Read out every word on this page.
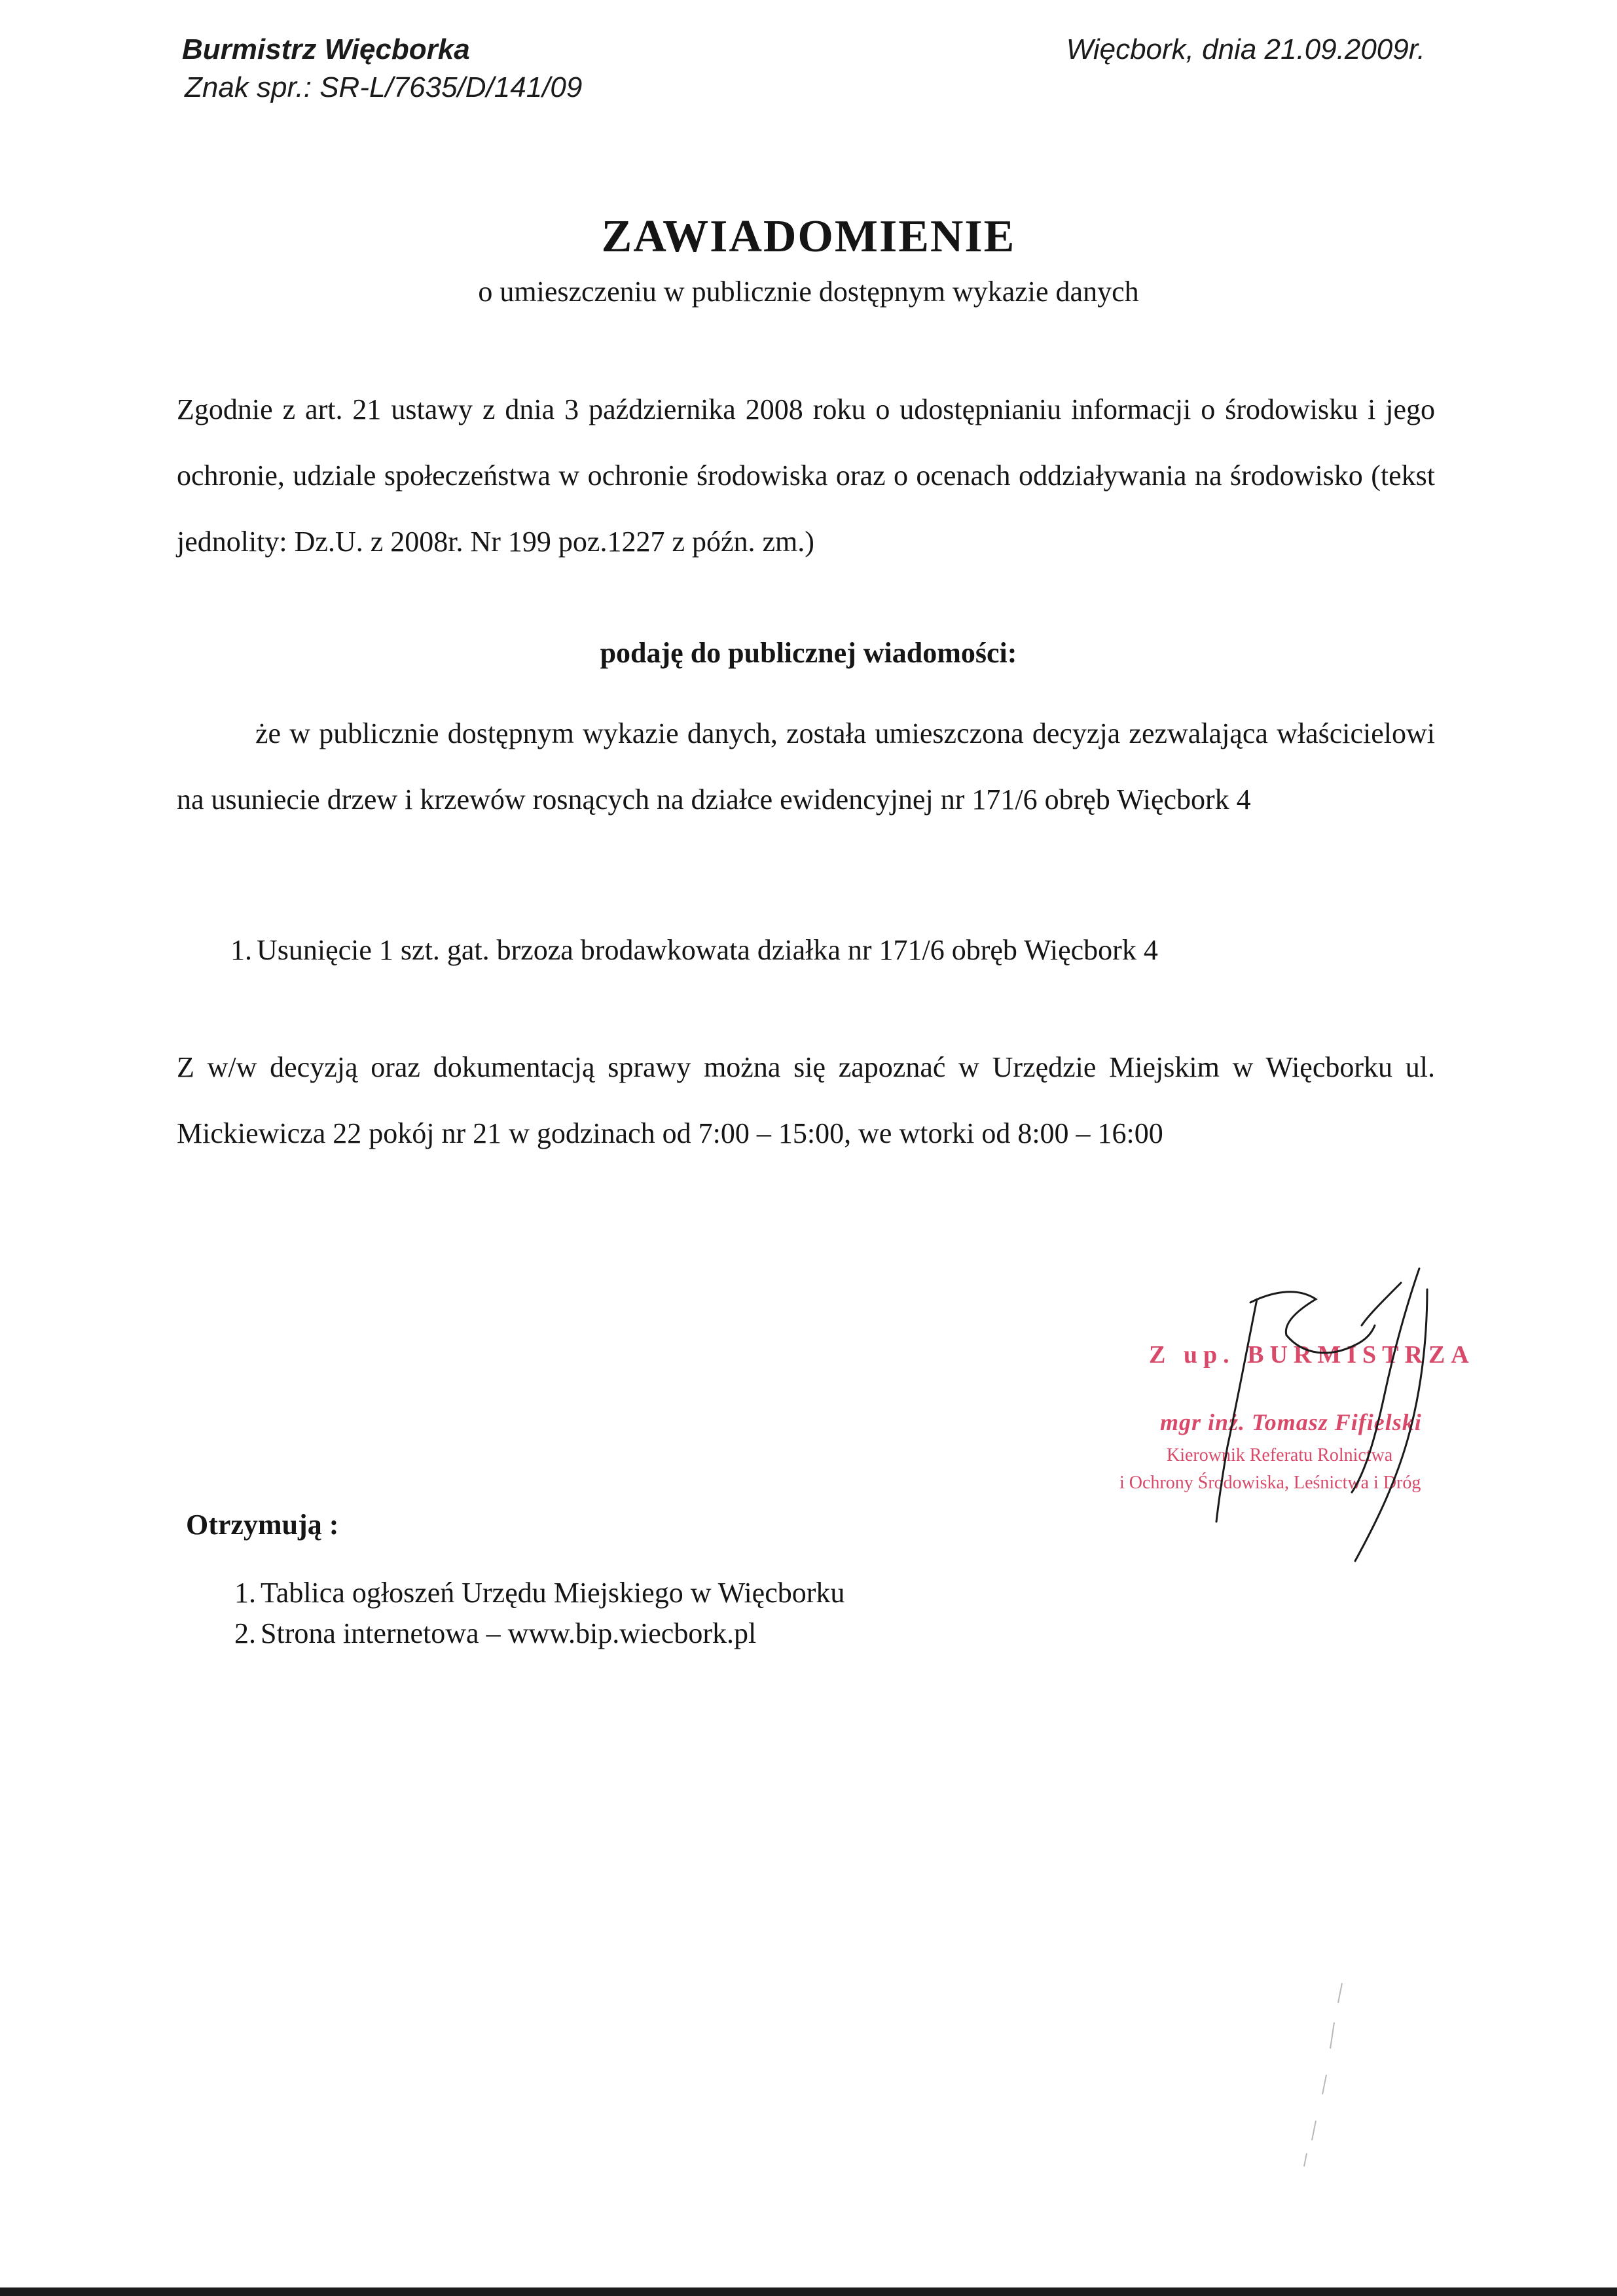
Burmistrz Więcborka
Znak spr.: SR-L/7635/D/141/09
Więcbork, dnia 21.09.2009r.
ZAWIADOMIENIE
o umieszczeniu w publicznie dostępnym wykazie danych

Zgodnie z art. 21 ustawy z dnia 3 października 2008 roku o udostępnianiu informacji o środowisku i jego ochronie, udziale społeczeństwa w ochronie środowiska oraz o ocenach oddziaływania na środowisko (tekst jednolity: Dz.U. z 2008r. Nr 199 poz.1227 z późn. zm.)

podaję do publicznej wiadomości:

że w publicznie dostępnym wykazie danych, została umieszczona decyzja zezwalająca właścicielowi na usuniecie drzew i krzewów rosnących na działce ewidencyjnej nr 171/6 obręb Więcbork 4

1. Usunięcie 1 szt. gat. brzoza brodawkowata działka nr 171/6 obręb Więcbork 4

Z w/w decyzją oraz dokumentacją sprawy można się zapoznać w Urzędzie Miejskim w Więcborku ul. Mickiewicza 22 pokój nr 21 w godzinach od 7:00 – 15:00, we wtorki od 8:00 – 16:00

Z up. BURMISTRZA
mgr inż. Tomasz Fifielski
Kierownik Referatu Rolnictwa
i Ochrony Środowiska, Leśnictwa i Dróg
Otrzymują :
1. Tablica ogłoszeń Urzędu Miejskiego w Więcborku
2. Strona internetowa – www.bip.wiecbork.pl
